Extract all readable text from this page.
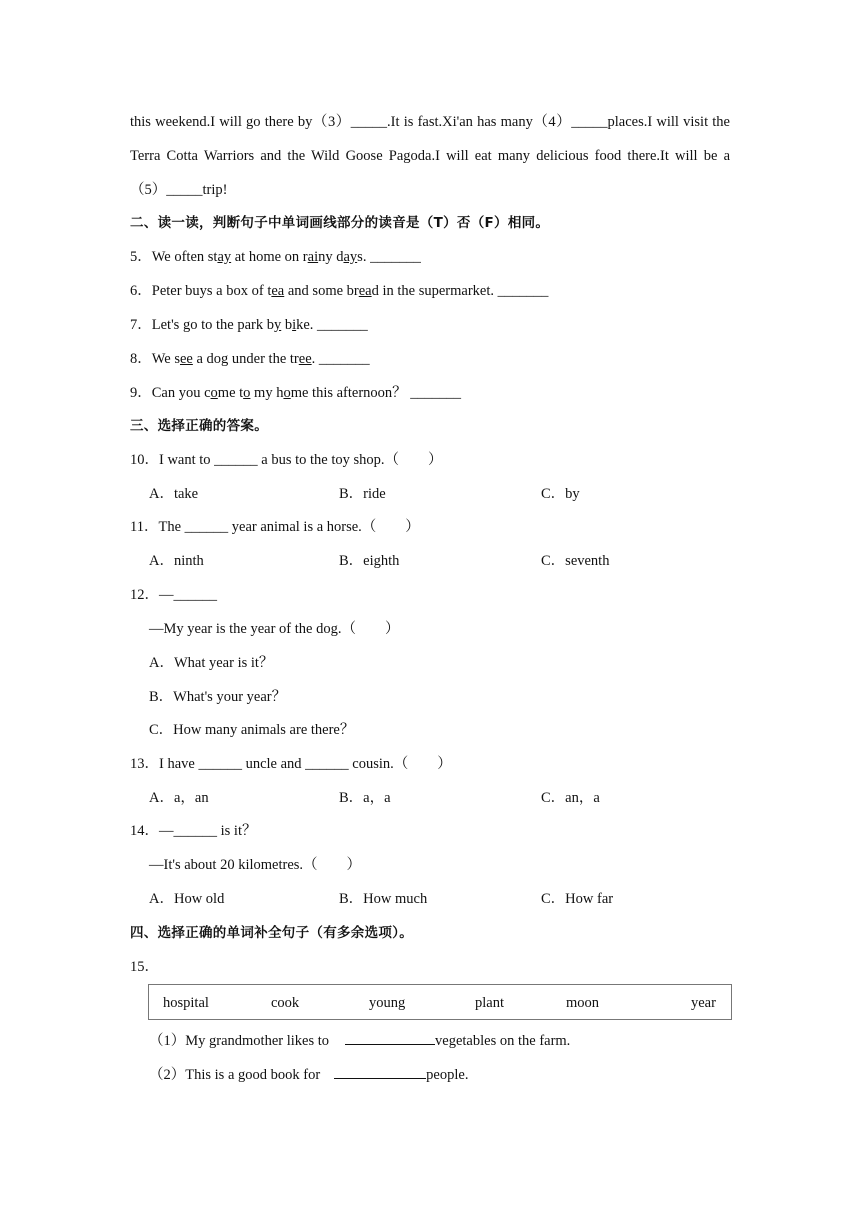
this weekend.I will go there by（3）_____.It is fast.Xi'an has many（4）_____places.I will visit the
Terra Cotta Warriors and the Wild Goose Pagoda.I will eat many delicious food there.It will be a
（5）_____trip!
二、读一读，判断句子中单词画线部分的读音是（T）否（F）相同。
5．We often stay at home on rainy days. _______
6．Peter buys a box of tea and some bread in the supermarket. _______
7．Let's go to the park by bike. _______
8．We see a dog under the tree. _______
9．Can you come to my home this afternoon？ _______
三、选择正确的答案。
10．I want to ______ a bus to the toy shop.（　　）
A．take	B．ride	C．by
11．The ______ year animal is a horse.（　　）
A．ninth	B．eighth	C．seventh
12．—______
—My year is the year of the dog.（　　）
A．What year is it？
B．What's your year？
C．How many animals are there？
13．I have ______ uncle and ______ cousin.（　　）
A．a，an	B．a，a	C．an，a
14．—______ is it？
—It's about 20 kilometres.（　　）
A．How old	B．How much	C．How far
四、选择正确的单词补全句子（有多余选项）。
15．
hospital	cook	young	plant	moon	year
（1）My grandmother likes to	vegetables on the farm.
（2）This is a good book for	people.
